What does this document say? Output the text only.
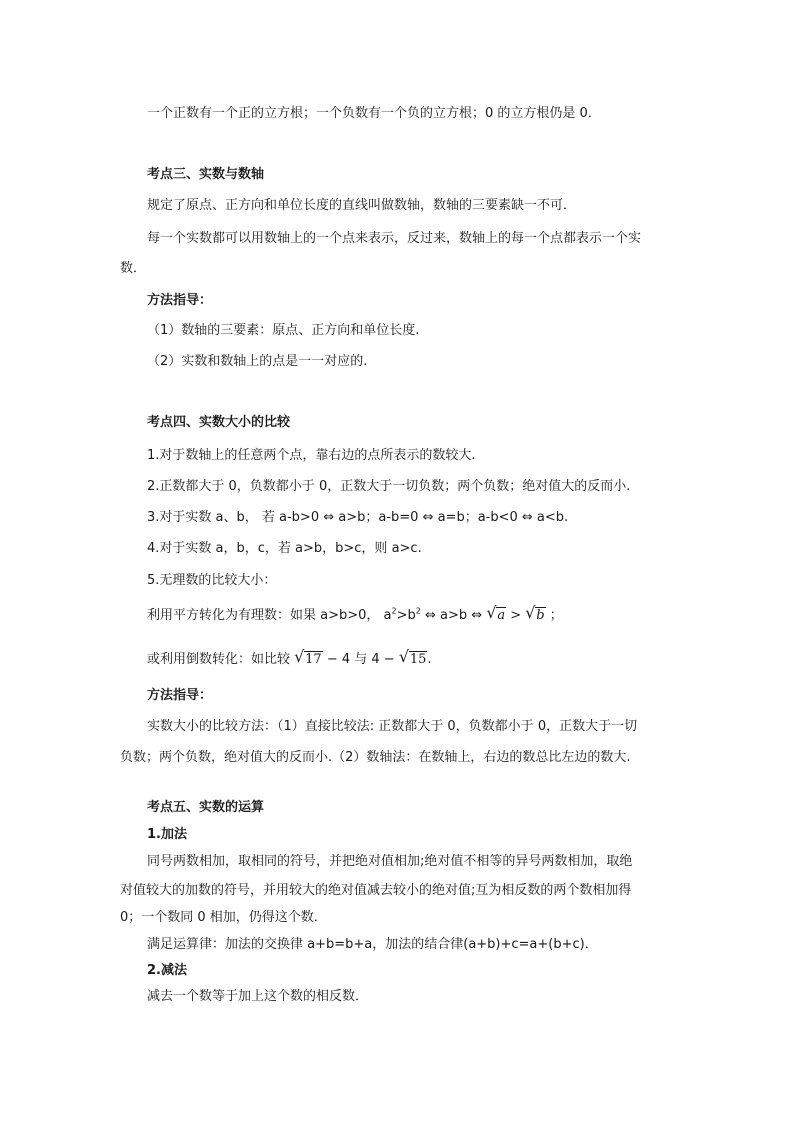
一个正数有一个正的立方根；一个负数有一个负的立方根；0 的立方根仍是 0．
考点三、实数与数轴
规定了原点、正方向和单位长度的直线叫做数轴，数轴的三要素缺一不可．
每一个实数都可以用数轴上的一个点来表示，反过来，数轴上的每一个点都表示一个实
数．
方法指导：
（1）数轴的三要素：原点、正方向和单位长度.
（2）实数和数轴上的点是一一对应的.
考点四、实数大小的比较
1.对于数轴上的任意两个点，靠右边的点所表示的数较大.
2.正数都大于 0，负数都小于 0，正数大于一切负数；两个负数；绝对值大的反而小.
3.对于实数 a、b， 若 a-b>0 ⇔ a>b；a-b=0 ⇔ a=b；a-b<0 ⇔ a<b.
4.对于实数 a，b，c，若 a>b，b>c，则 a>c.
5.无理数的比较大小：
利用平方转化为有理数：如果 a>b>0， $a^2>b^2$ ⇔ a>b ⇔ √ a > √ b ；
或利用倒数转化：如比较 √ 17 − 4 与 4 − √ 15.
方法指导：
实数大小的比较方法：（1）直接比较法: 正数都大于 0，负数都小于 0，正数大于一切
负数；两个负数，绝对值大的反而小.（2）数轴法：在数轴上，右边的数总比左边的数大.
考点五、实数的运算
1.加法
同号两数相加，取相同的符号，并把绝对值相加;绝对值不相等的异号两数相加，取绝
对值较大的加数的符号，并用较大的绝对值减去较小的绝对值;互为相反数的两个数相加得
0；一个数同 0 相加，仍得这个数．
满足运算律：加法的交换律 a+b=b+a，加法的结合律(a+b)+c=a+(b+c)．
2.减法
减去一个数等于加上这个数的相反数．
